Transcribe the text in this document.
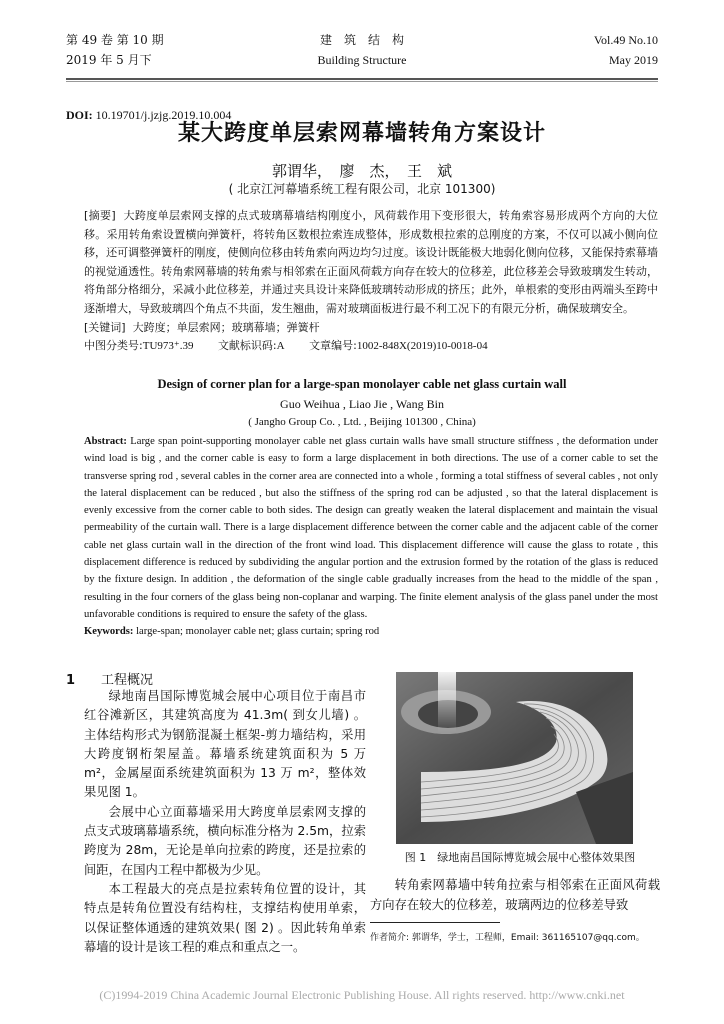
第 49 卷 第 10 期
2019 年 5 月下
建　筑　结　构
Building Structure
Vol.49 No.10
May 2019
DOI: 10.19701/j.jzjg.2019.10.004
某大跨度单层索网幕墙转角方案设计
郭谓华，　廖　杰，　王　斌
( 北京江河幕墙系统工程有限公司，北京 101300)
[摘要] 大跨度单层索网支撑的点式玻璃幕墙结构刚度小，风荷载作用下变形很大，转角索容易形成两个方向的大位移。采用转角索设置横向弹簧杆，将转角区数根拉索连成整体，形成数根拉索的总刚度的方案，不仅可以减小侧向位移，还可调整弹簧杆的刚度，使侧向位移由转角索向两边均匀过度。该设计既能极大地弱化侧向位移，又能保持索幕墙的视觉通透性。转角索网幕墙的转角索与相邻索在正面风荷载方向存在较大的位移差，此位移差会导致玻璃发生转动，将角部分格细分，采减小此位移差，并通过夹具设计来降低玻璃转动形成的挤压；此外，单根索的变形由两端头至跨中逐渐增大，导致玻璃四个角点不共面，发生翘曲，需对玻璃面板进行最不利工况下的有限元分析，确保玻璃安全。
[关键词] 大跨度；单层索网；玻璃幕墙；弹簧杆
中图分类号:TU973⁺.39 文献标识码:A 文章编号:1002-848X(2019)10-0018-04
Design of corner plan for a large-span monolayer cable net glass curtain wall
Guo Weihua , Liao Jie , Wang Bin
( Jangho Group Co. , Ltd. , Beijing 101300 , China)
Abstract: Large span point-supporting monolayer cable net glass curtain walls have small structure stiffness , the deformation under wind load is big , and the corner cable is easy to form a large displacement in both directions. The use of a corner cable to set the transverse spring rod , several cables in the corner area are connected into a whole , forming a total stiffness of several cables , not only the lateral displacement can be reduced , but also the stiffness of the spring rod can be adjusted , so that the lateral displacement is evenly excessive from the corner cable to both sides. The design can greatly weaken the lateral displacement and maintain the visual permeability of the curtain wall. There is a large displacement difference between the corner cable and the adjacent cable of the corner cable net glass curtain wall in the direction of the front wind load. This displacement difference will cause the glass to rotate , this displacement difference is reduced by subdividing the angular portion and the extrusion formed by the rotation of the glass is reduced by the fixture design. In addition , the deformation of the single cable gradually increases from the head to the middle of the span , resulting in the four corners of the glass being non-coplanar and warping. The finite element analysis of the glass panel under the most unfavorable conditions is required to ensure the safety of the glass.
Keywords: large-span; monolayer cable net; glass curtain; spring rod
1 工程概况

绿地南昌国际博览城会展中心项目位于南昌市红谷滩新区，其建筑高度为 41.3m( 到女儿墙) 。主体结构形式为钢筋混凝土框架-剪力墙结构，采用大跨度钢桁架屋盖。幕墙系统建筑面积为 5 万 m²，金属屋面系统建筑面积为 13 万 m²，整体效果见图 1。

会展中心立面幕墙采用大跨度单层索网支撑的点支式玻璃幕墙系统，横向标准分格为 2.5m，拉索跨度为 28m，无论是单向拉索的跨度，还是拉索的间距，在国内工程中都极为少见。

本工程最大的亮点是拉索转角位置的设计，其特点是转角位置没有结构柱，支撑结构使用单索，以保证整体通透的建筑效果( 图 2) 。因此转角单索幕墙的设计是该工程的难点和重点之一。

图 1　绿地南昌国际博览城会展中心整体效果图
转角索网幕墙中转角拉索与相邻索在正面风荷载方向存在较大的位移差，玻璃两边的位移差导致
作者简介: 郭谓华，学士，工程师，Email: 361165107@qq.com。
(C)1994-2019 China Academic Journal Electronic Publishing House. All rights reserved. http://www.cnki.net
